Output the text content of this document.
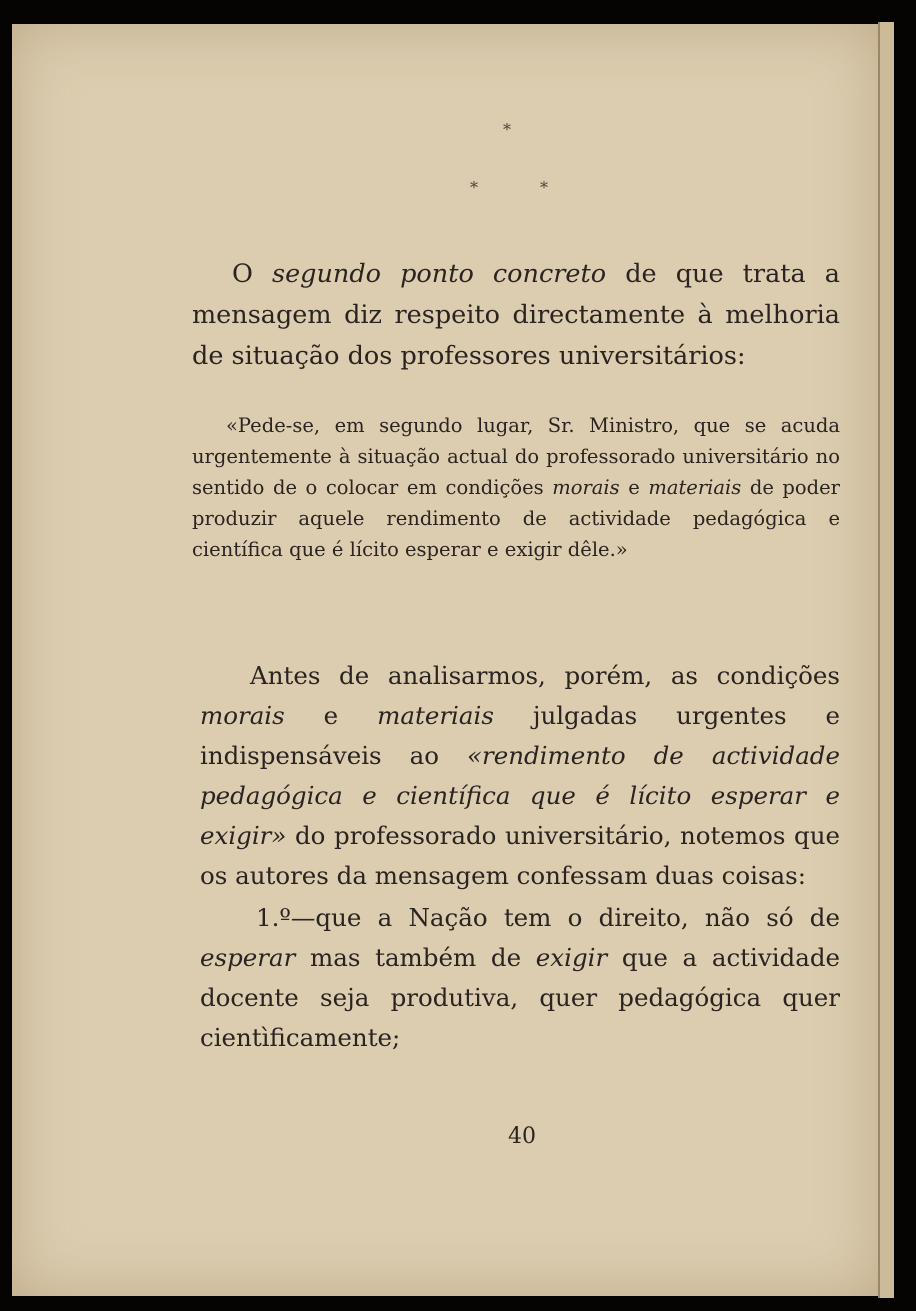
*
*	*

O segundo ponto concreto de que trata a mensagem diz respeito directamente à melhoria de situação dos professores universitários:

«Pede-se, em segundo lugar, Sr. Ministro, que se acuda urgentemente à situação actual do professorado universitário no sentido de o colocar em condições morais e materiais de poder produzir aquele rendimento de actividade pedagógica e científica que é lícito esperar e exigir dêle.»

Antes de analisarmos, porém, as condições morais e materiais julgadas urgentes e indispensáveis ao «rendimento de actividade pedagógica e científica que é lícito esperar e exigir» do professorado universitário, notemos que os autores da mensagem confessam duas coisas:

1.º—que a Nação tem o direito, não só de esperar mas também de exigir que a actividade docente seja produtiva, quer pedagógica quer cientìficamente;

40
